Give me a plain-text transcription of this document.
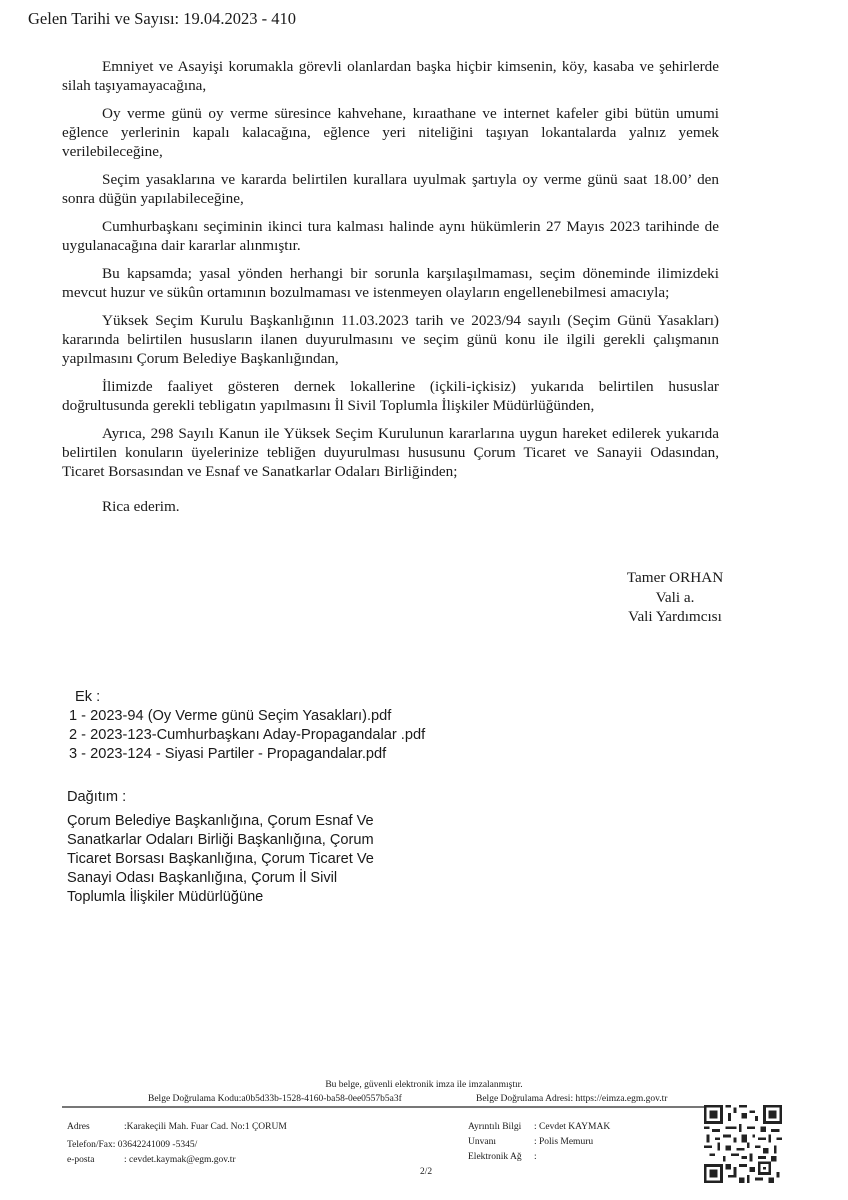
Gelen Tarihi ve Sayısı: 19.04.2023 - 410

Emniyet ve Asayişi korumakla görevli olanlardan başka hiçbir kimsenin, köy, kasaba ve şehirlerde silah taşıyamayacağına,

Oy verme günü oy verme süresince kahvehane, kıraathane ve internet kafeler gibi bütün umumi eğlence yerlerinin kapalı kalacağına, eğlence yeri niteliğini taşıyan lokantalarda yalnız yemek verilebileceğine,

Seçim yasaklarına ve kararda belirtilen kurallara uyulmak şartıyla oy verme günü saat 18.00’ den sonra düğün yapılabileceğine,

Cumhurbaşkanı seçiminin ikinci tura kalması halinde aynı hükümlerin 27 Mayıs 2023 tarihinde de uygulanacağına dair kararlar alınmıştır.

Bu kapsamda; yasal yönden herhangi bir sorunla karşılaşılmaması, seçim döneminde ilimizdeki mevcut huzur ve sükûn ortamının bozulmaması ve istenmeyen olayların engellenebilmesi amacıyla;

Yüksek Seçim Kurulu Başkanlığının 11.03.2023 tarih ve 2023/94 sayılı (Seçim Günü Yasakları) kararında belirtilen hususların ilanen duyurulmasını ve seçim günü konu ile ilgili gerekli çalışmanın yapılmasını Çorum Belediye Başkanlığından,

İlimizde faaliyet gösteren dernek lokallerine (içkili-içkisiz) yukarıda belirtilen hususlar doğrultusunda gerekli tebligatın yapılmasını İl Sivil Toplumla İlişkiler Müdürlüğünden,

Ayrıca, 298 Sayılı Kanun ile Yüksek Seçim Kurulunun kararlarına uygun hareket edilerek yukarıda belirtilen konuların üyelerinize tebliğen duyurulması hususunu Çorum Ticaret ve Sanayii Odasından, Ticaret Borsasından ve Esnaf ve Sanatkarlar Odaları Birliğinden;

Rica ederim.

Tamer ORHAN
Vali a.
Vali Yardımcısı
Ek :
1 - 2023-94 (Oy Verme günü Seçim Yasakları).pdf
2 - 2023-123-Cumhurbaşkanı Aday-Propagandalar .pdf
3 - 2023-124 - Siyasi Partiler - Propagandalar.pdf
Dağıtım :
Çorum Belediye Başkanlığına, Çorum Esnaf Ve
Sanatkarlar Odaları Birliği Başkanlığına, Çorum
Ticaret Borsası Başkanlığına, Çorum Ticaret Ve
Sanayi Odası Başkanlığına, Çorum İl Sivil
Toplumla İlişkiler Müdürlüğüne
Bu belge, güvenli elektronik imza ile imzalanmıştır.
Belge Doğrulama Kodu:a0b5d33b-1528-4160-ba58-0ee0557b5a3f	Belge Doğrulama Adresi: https://eimza.egm.gov.tr
Adres	:Karakeçili Mah. Fuar Cad. No:1 ÇORUM
Telefon/Fax: 03642241009 -5345/
e-posta	: cevdet.kaymak@egm.gov.tr
Ayrıntılı Bilgi : Cevdet KAYMAK
Unvanı	: Polis Memuru
Elektronik Ağ :
2/2
